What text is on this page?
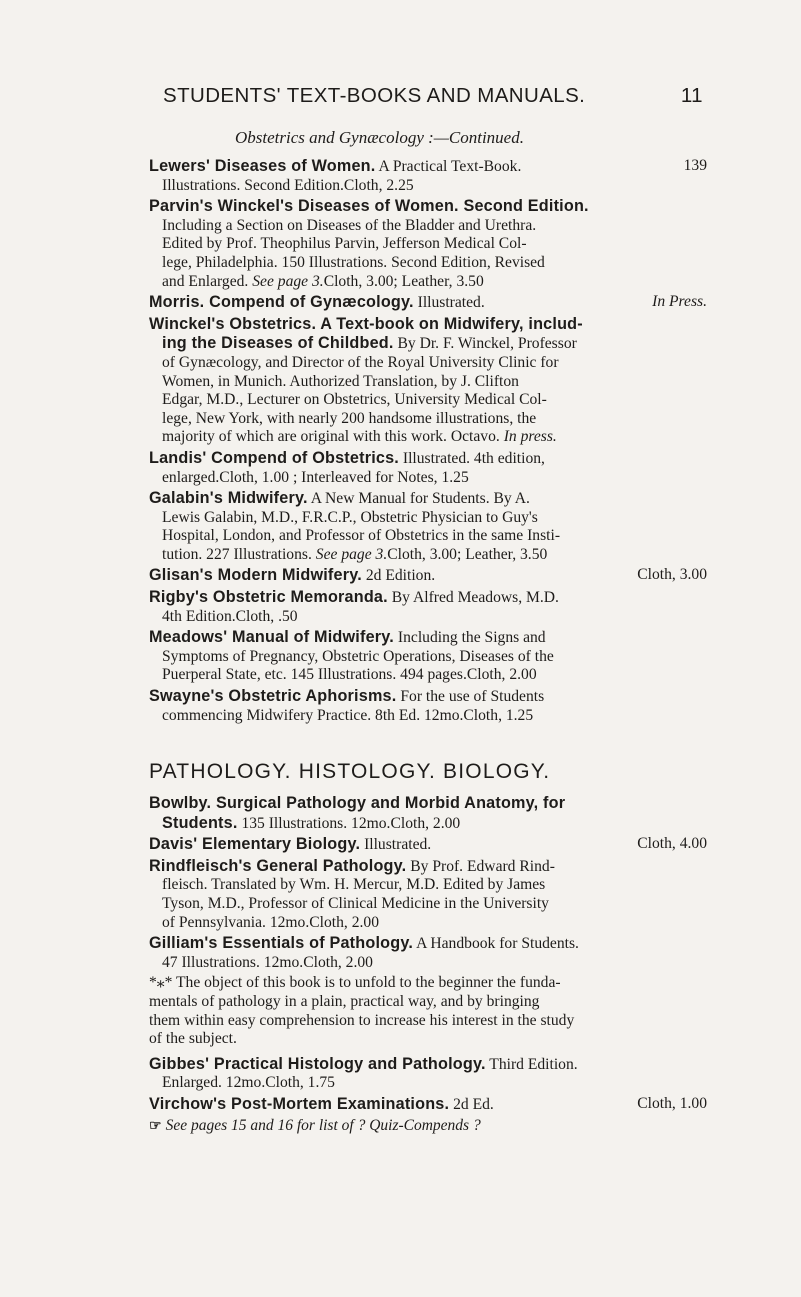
STUDENTS' TEXT-BOOKS AND MANUALS.	11
Obstetrics and Gynæcology :—Continued.

Lewers' Diseases of Women. A Practical Text-Book.	139
Illustrations. Second Edition.Cloth, 2.25

Parvin's Winckel's Diseases of Women. Second Edition.
Including a Section on Diseases of the Bladder and Urethra.
Edited by Prof. Theophilus Parvin, Jefferson Medical Col-
lege, Philadelphia. 150 Illustrations. Second Edition, Revised
and Enlarged. See page 3.Cloth, 3.00; Leather, 3.50

Morris. Compend of Gynæcology. Illustrated.	In Press.

Winckel's Obstetrics. A Text-book on Midwifery, includ-
ing the Diseases of Childbed. By Dr. F. Winckel, Professor
of Gynæcology, and Director of the Royal University Clinic for
Women, in Munich. Authorized Translation, by J. Clifton
Edgar, M.D., Lecturer on Obstetrics, University Medical Col-
lege, New York, with nearly 200 handsome illustrations, the
majority of which are original with this work. Octavo. In press.

Landis' Compend of Obstetrics. Illustrated. 4th edition,
enlarged.Cloth, 1.00 ; Interleaved for Notes, 1.25

Galabin's Midwifery. A New Manual for Students. By A.
Lewis Galabin, M.D., F.R.C.P., Obstetric Physician to Guy's
Hospital, London, and Professor of Obstetrics in the same Insti-
tution. 227 Illustrations. See page 3.Cloth, 3.00; Leather, 3.50

Glisan's Modern Midwifery. 2d Edition.	Cloth, 3.00

Rigby's Obstetric Memoranda. By Alfred Meadows, M.D.
4th Edition.Cloth, .50

Meadows' Manual of Midwifery. Including the Signs and
Symptoms of Pregnancy, Obstetric Operations, Diseases of the
Puerperal State, etc. 145 Illustrations. 494 pages.Cloth, 2.00

Swayne's Obstetric Aphorisms. For the use of Students
commencing Midwifery Practice. 8th Ed. 12mo.Cloth, 1.25

PATHOLOGY. HISTOLOGY. BIOLOGY.

Bowlby. Surgical Pathology and Morbid Anatomy, for
Students. 135 Illustrations. 12mo.Cloth, 2.00

Davis' Elementary Biology. Illustrated.	Cloth, 4.00

Rindfleisch's General Pathology. By Prof. Edward Rind-
fleisch. Translated by Wm. H. Mercur, M.D. Edited by James
Tyson, M.D., Professor of Clinical Medicine in the University
of Pennsylvania. 12mo.Cloth, 2.00

Gilliam's Essentials of Pathology. A Handbook for Students.
47 Illustrations. 12mo.Cloth, 2.00

*⁎* The object of this book is to unfold to the beginner the funda-
mentals of pathology in a plain, practical way, and by bringing
them within easy comprehension to increase his interest in the study
of the subject.

Gibbes' Practical Histology and Pathology. Third Edition.
Enlarged. 12mo.Cloth, 1.75

Virchow's Post-Mortem Examinations. 2d Ed.	Cloth, 1.00

☞ See pages 15 and 16 for list of ? Quiz-Compends ?
